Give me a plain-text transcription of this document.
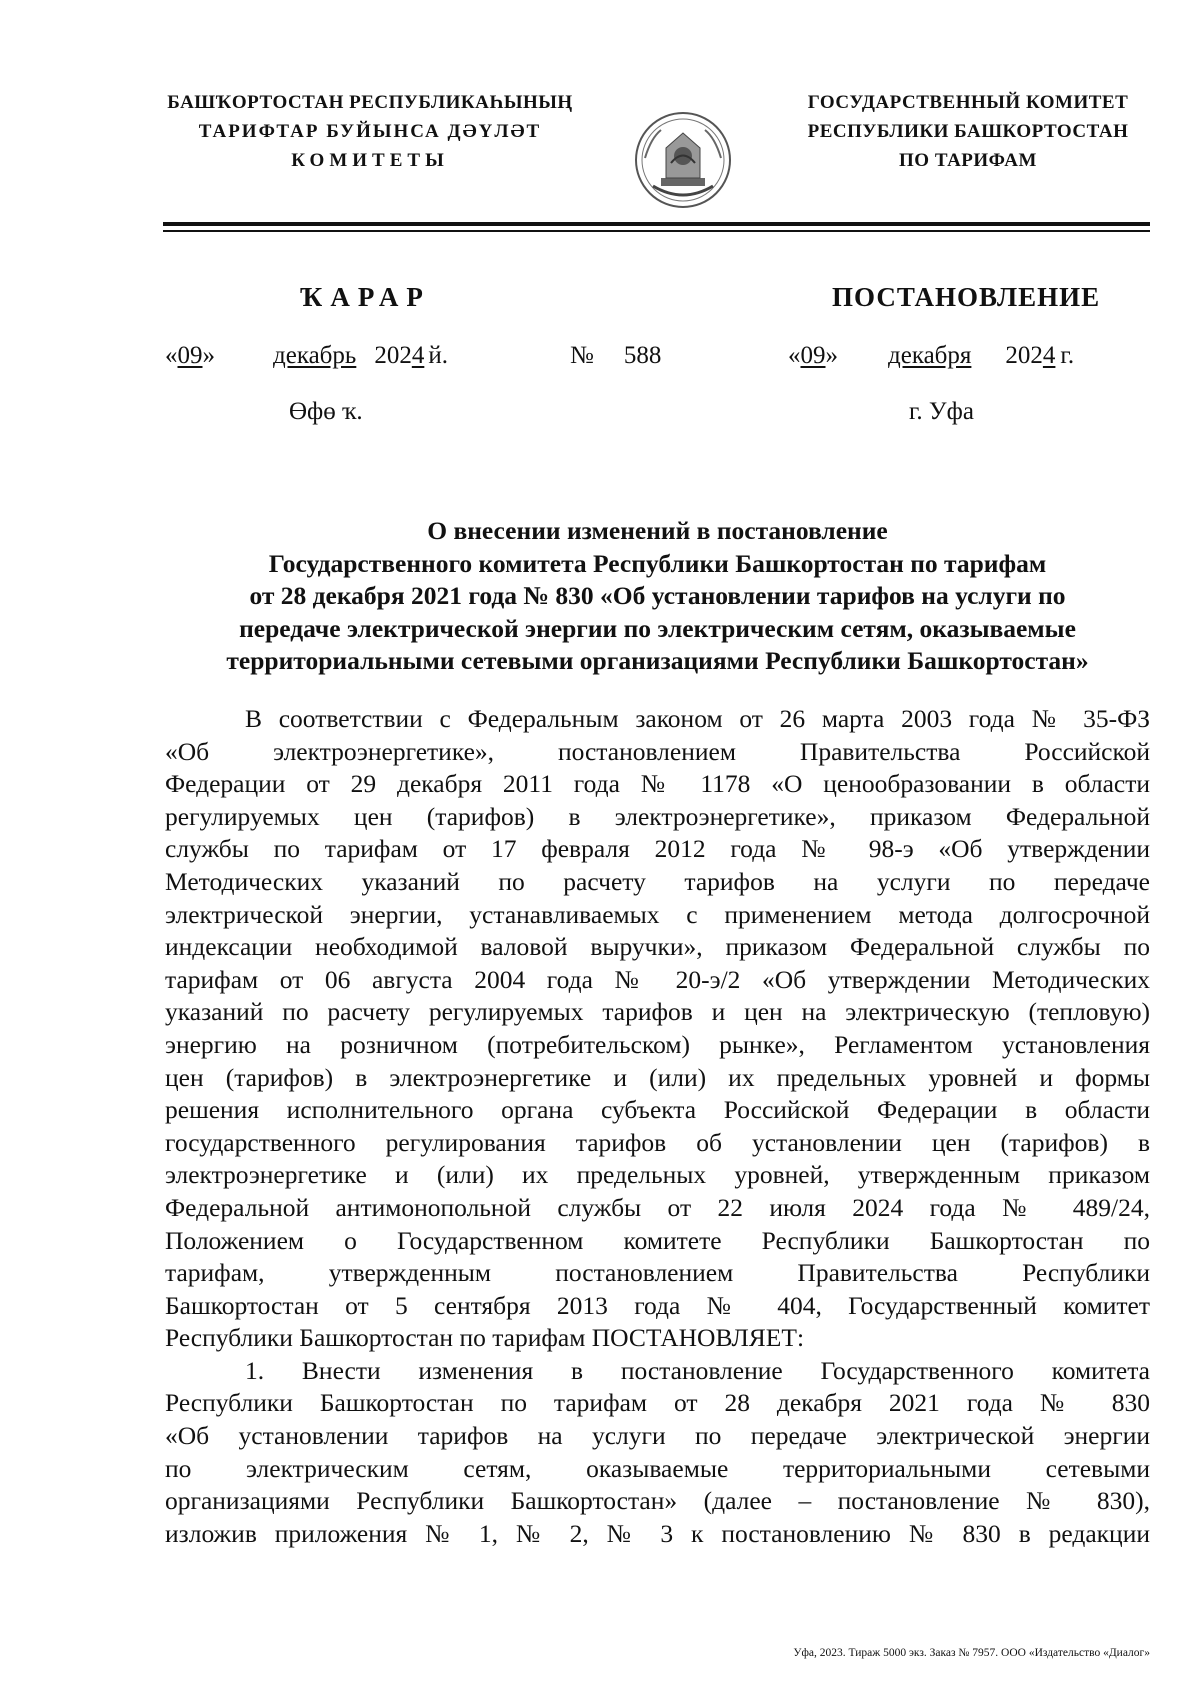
БАШҠОРТОСТАН РЕСПУБЛИКАҺЫНЫҢ
ТАРИФТАР БУЙЫНСА ДӘҮЛӘТ
КОМИТЕТЫ
ГОСУДАРСТВЕННЫЙ КОМИТЕТ
РЕСПУБЛИКИ БАШКОРТОСТАН
ПО ТАРИФАМ
ҠАРАР	ПОСТАНОВЛЕНИЕ
«09» декабрь 2024 й.	№ 588	«09» декабря 2024 г.
Өфө ҡ.	г. Уфа
О внесении изменений в постановление
Государственного комитета Республики Башкортостан по тарифам
от 28 декабря 2021 года № 830 «Об установлении тарифов на услуги по
передаче электрической энергии по электрическим сетям, оказываемые
территориальными сетевыми организациями Республики Башкортостан»
В соответствии с Федеральным законом от 26 марта 2003 года № 35-ФЗ
«Об электроэнергетике», постановлением Правительства Российской
Федерации от 29 декабря 2011 года № 1178 «О ценообразовании в области
регулируемых цен (тарифов) в электроэнергетике», приказом Федеральной
службы по тарифам от 17 февраля 2012 года № 98-э «Об утверждении
Методических указаний по расчету тарифов на услуги по передаче
электрической энергии, устанавливаемых с применением метода долгосрочной
индексации необходимой валовой выручки», приказом Федеральной службы по
тарифам от 06 августа 2004 года № 20-э/2 «Об утверждении Методических
указаний по расчету регулируемых тарифов и цен на электрическую (тепловую)
энергию на розничном (потребительском) рынке», Регламентом установления
цен (тарифов) в электроэнергетике и (или) их предельных уровней и формы
решения исполнительного органа субъекта Российской Федерации в области
государственного регулирования тарифов об установлении цен (тарифов) в
электроэнергетике и (или) их предельных уровней, утвержденным приказом
Федеральной антимонопольной службы от 22 июля 2024 года № 489/24,
Положением о Государственном комитете Республики Башкортостан по
тарифам, утвержденным постановлением Правительства Республики
Башкортостан от 5 сентября 2013 года № 404, Государственный комитет
Республики Башкортостан по тарифам ПОСТАНОВЛЯЕТ:
1. Внести изменения в постановление Государственного комитета
Республики Башкортостан по тарифам от 28 декабря 2021 года № 830
«Об установлении тарифов на услуги по передаче электрической энергии
по электрическим сетям, оказываемые территориальными сетевыми
организациями Республики Башкортостан» (далее – постановление № 830),
изложив приложения № 1, № 2, № 3 к постановлению № 830 в редакции
Уфа, 2023. Тираж 5000 экз. Заказ № 7957. ООО «Издательство «Диалог»
